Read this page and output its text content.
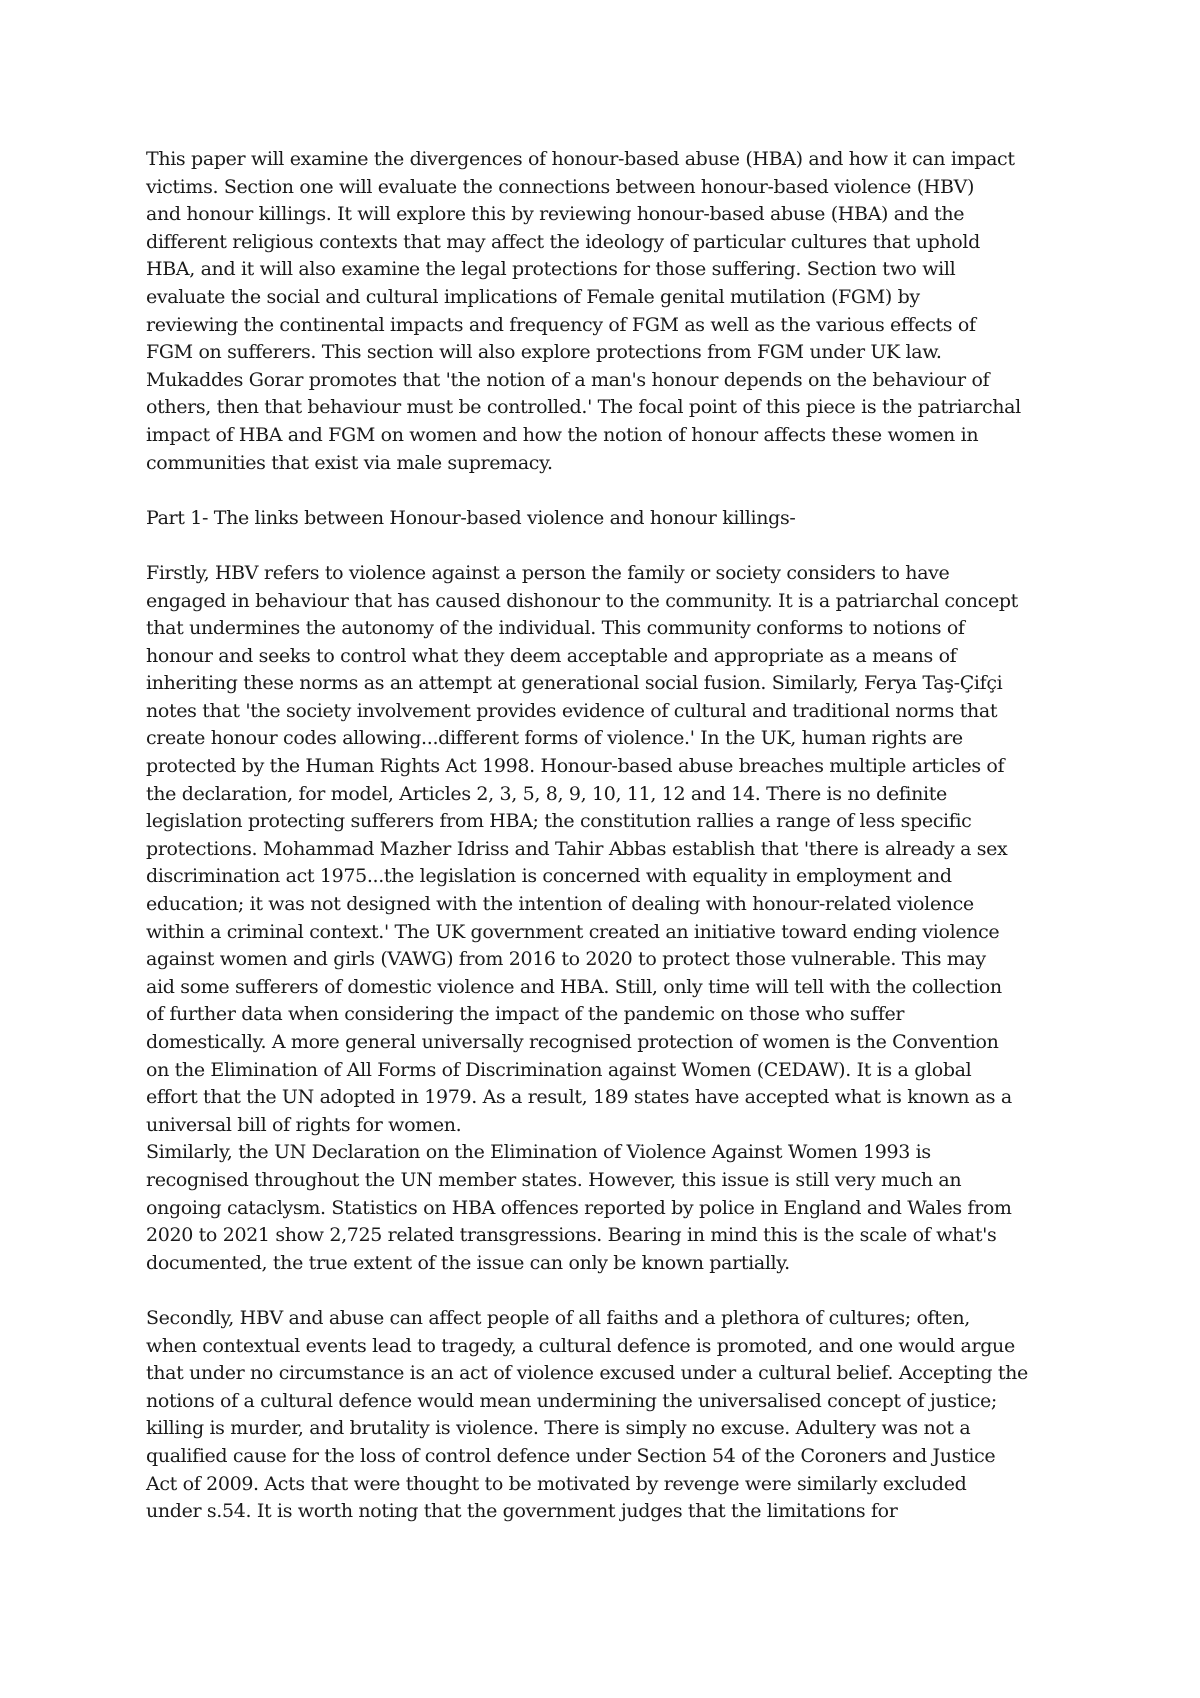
This paper will examine the divergences of honour-based abuse (HBA) and how it can impact
victims. Section one will evaluate the connections between honour-based violence (HBV)
and honour killings. It will explore this by reviewing honour-based abuse (HBA) and the
different religious contexts that may affect the ideology of particular cultures that uphold
HBA, and it will also examine the legal protections for those suffering. Section two will
evaluate the social and cultural implications of Female genital mutilation (FGM) by
reviewing the continental impacts and frequency of FGM as well as the various effects of
FGM on sufferers. This section will also explore protections from FGM under UK law.
Mukaddes Gorar promotes that 'the notion of a man's honour depends on the behaviour of
others, then that behaviour must be controlled.' The focal point of this piece is the patriarchal
impact of HBA and FGM on women and how the notion of honour affects these women in
communities that exist via male supremacy.
Part 1- The links between Honour-based violence and honour killings-
Firstly, HBV refers to violence against a person the family or society considers to have
engaged in behaviour that has caused dishonour to the community. It is a patriarchal concept
that undermines the autonomy of the individual. This community conforms to notions of
honour and seeks to control what they deem acceptable and appropriate as a means of
inheriting these norms as an attempt at generational social fusion. Similarly, Ferya Taş-Çifçi
notes that 'the society involvement provides evidence of cultural and traditional norms that
create honour codes allowing...different forms of violence.' In the UK, human rights are
protected by the Human Rights Act 1998. Honour-based abuse breaches multiple articles of
the declaration, for model, Articles 2, 3, 5, 8, 9, 10, 11, 12 and 14. There is no definite
legislation protecting sufferers from HBA; the constitution rallies a range of less specific
protections. Mohammad Mazher Idriss and Tahir Abbas establish that 'there is already a sex
discrimination act 1975...the legislation is concerned with equality in employment and
education; it was not designed with the intention of dealing with honour-related violence
within a criminal context.' The UK government created an initiative toward ending violence
against women and girls (VAWG) from 2016 to 2020 to protect those vulnerable. This may
aid some sufferers of domestic violence and HBA. Still, only time will tell with the collection
of further data when considering the impact of the pandemic on those who suffer
domestically. A more general universally recognised protection of women is the Convention
on the Elimination of All Forms of Discrimination against Women (CEDAW). It is a global
effort that the UN adopted in 1979. As a result, 189 states have accepted what is known as a
universal bill of rights for women.
Similarly, the UN Declaration on the Elimination of Violence Against Women 1993 is
recognised throughout the UN member states. However, this issue is still very much an
ongoing cataclysm. Statistics on HBA offences reported by police in England and Wales from
2020 to 2021 show 2,725 related transgressions. Bearing in mind this is the scale of what's
documented, the true extent of the issue can only be known partially.
Secondly, HBV and abuse can affect people of all faiths and a plethora of cultures; often,
when contextual events lead to tragedy, a cultural defence is promoted, and one would argue
that under no circumstance is an act of violence excused under a cultural belief. Accepting the
notions of a cultural defence would mean undermining the universalised concept of justice;
killing is murder, and brutality is violence. There is simply no excuse. Adultery was not a
qualified cause for the loss of control defence under Section 54 of the Coroners and Justice
Act of 2009. Acts that were thought to be motivated by revenge were similarly excluded
under s.54. It is worth noting that the government judges that the limitations for
